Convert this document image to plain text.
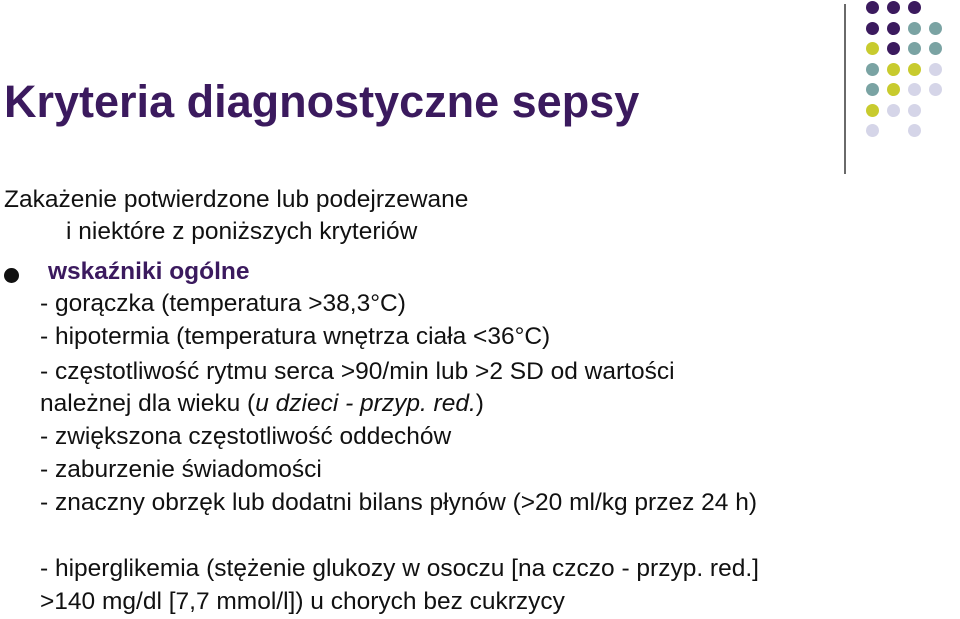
Kryteria diagnostyczne sepsy
Zakażenie potwierdzone lub podejrzewane
i niektóre z poniższych kryteriów
wskaźniki ogólne
- gorączka (temperatura >38,3°C)
- hipotermia (temperatura wnętrza ciała <36°C)
- częstotliwość rytmu serca >90/min lub >2 SD od wartości
należnej dla wieku (u dzieci - przyp. red.)
- zwiększona częstotliwość oddechów
- zaburzenie świadomości
- znaczny obrzęk lub dodatni bilans płynów (>20 ml/kg przez 24 h)
- hiperglikemia (stężenie glukozy w osoczu [na czczo - przyp. red.]
>140 mg/dl [7,7 mmol/l]) u chorych bez cukrzycy
